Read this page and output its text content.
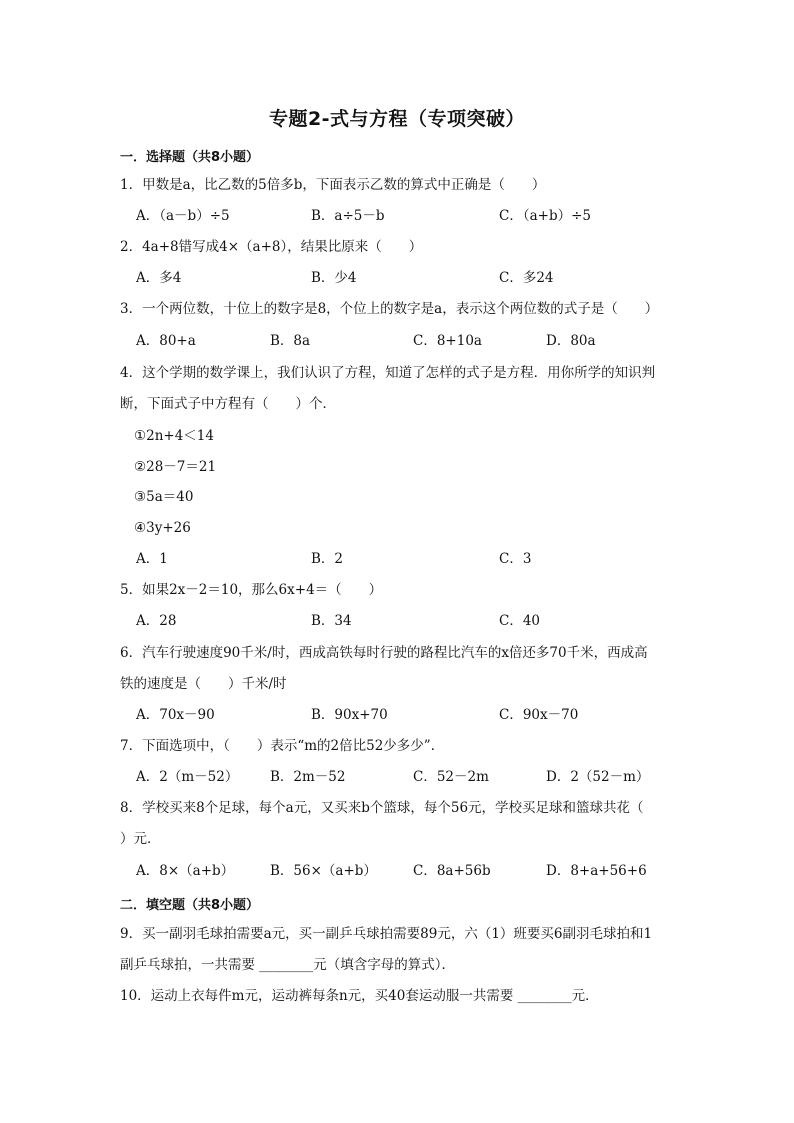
专题2-式与方程（专项突破）
一．选择题（共8小题）
1．甲数是a，比乙数的5倍多b，下面表示乙数的算式中正确是（　　）
A．（a－b）÷5	B．a÷5－b	C．（a+b）÷5
2．4a+8错写成4×（a+8），结果比原来（　　）
A．多4	B．少4	C．多24
3．一个两位数，十位上的数字是8，个位上的数字是a，表示这个两位数的式子是（　　）
A．80+a	B．8a	C．8+10a	D．80a
4．这个学期的数学课上，我们认识了方程，知道了怎样的式子是方程．用你所学的知识判
断，下面式子中方程有（　　）个．
①2n+4＜14
②28－7＝21
③5a＝40
④3y+26
A．1	B．2	C．3
5．如果2x－2＝10，那么6x+4＝（　　）
A．28	B．34	C．40
6．汽车行驶速度90千米/时，西成高铁每时行驶的路程比汽车的x倍还多70千米，西成高
铁的速度是（　　）千米/时
A．70x－90	B．90x+70	C．90x－70
7．下面选项中，（　　）表示“m的2倍比52少多少”．
A．2（m－52） B．2m－52	C．52－2m	D．2（52－m）
8．学校买来8个足球，每个a元，又买来b个篮球，每个56元，学校买足球和篮球共花（
）元．
A．8×（a+b）	B．56×（a+b）	C．8a+56b	D．8+a+56+6
二．填空题（共8小题）
9．买一副羽毛球拍需要a元，买一副乒乓球拍需要89元，六（1）班要买6副羽毛球拍和1
副乒乓球拍，一共需要 ________元（填含字母的算式）．
10．运动上衣每件m元，运动裤每条n元，买40套运动服一共需要 ________元．
